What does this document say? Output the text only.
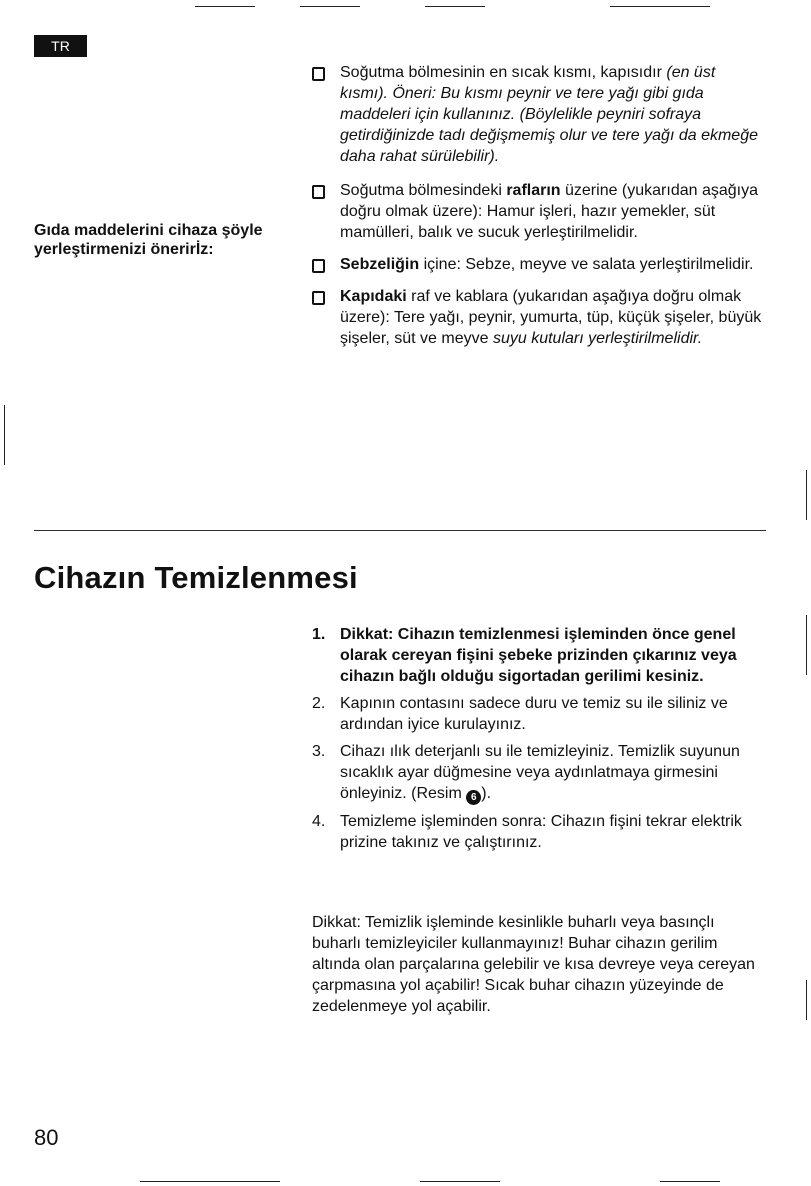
TR
Gıda maddelerini cihaza şöyle yerleştirmenizi önerirİz:
Soğutma bölmesinin en sıcak kısmı, kapısıdır (en üst kısmı). Öneri: Bu kısmı peynir ve tere yağı gibi gıda maddeleri için kullanınız. (Böylelikle peyniri sofraya getirdiğinizde tadı değişmemiş olur ve tere yağı da ekmeğe daha rahat sürülebilir).
Soğutma bölmesindeki rafların üzerine (yukarıdan aşağıya doğru olmak üzere): Hamur işleri, hazır yemekler, süt mamülleri, balık ve sucuk yerleştirilmelidir.
Sebzeliğin içine: Sebze, meyve ve salata yerleştirilmelidir.
Kapıdaki raf ve kablara (yukarıdan aşağıya doğru olmak üzere): Tere yağı, peynir, yumurta, tüp, küçük şişeler, büyük şişeler, süt ve meyve suyu kutuları yerleştirilmelidir.
Cihazın Temizlenmesi
1. Dikkat: Cihazın temizlenmesi işleminden önce genel olarak cereyan fişini şebeke prizinden çıkarınız veya cihazın bağlı olduğu sigortadan gerilimi kesiniz.
2. Kapının contasını sadece duru ve temiz su ile siliniz ve ardından iyice kurulayınız.
3. Cihazı ılık deterjanlı su ile temizleyiniz. Temizlik suyunun sıcaklık ayar düğmesine veya aydınlatmaya girmesini önleyiniz. (Resim 6 ).
4. Temizleme işleminden sonra: Cihazın fişini tekrar elektrik prizine takınız ve çalıştırınız.
Dikkat: Temizlik işleminde kesinlikle buharlı veya basınçlı buharlı temizleyiciler kullanmayınız! Buhar cihazın gerilim altında olan parçalarına gelebilir ve kısa devreye veya cereyan çarpmasına yol açabilir! Sıcak buhar cihazın yüzeyinde de zedelenmeye yol açabilir.
80
